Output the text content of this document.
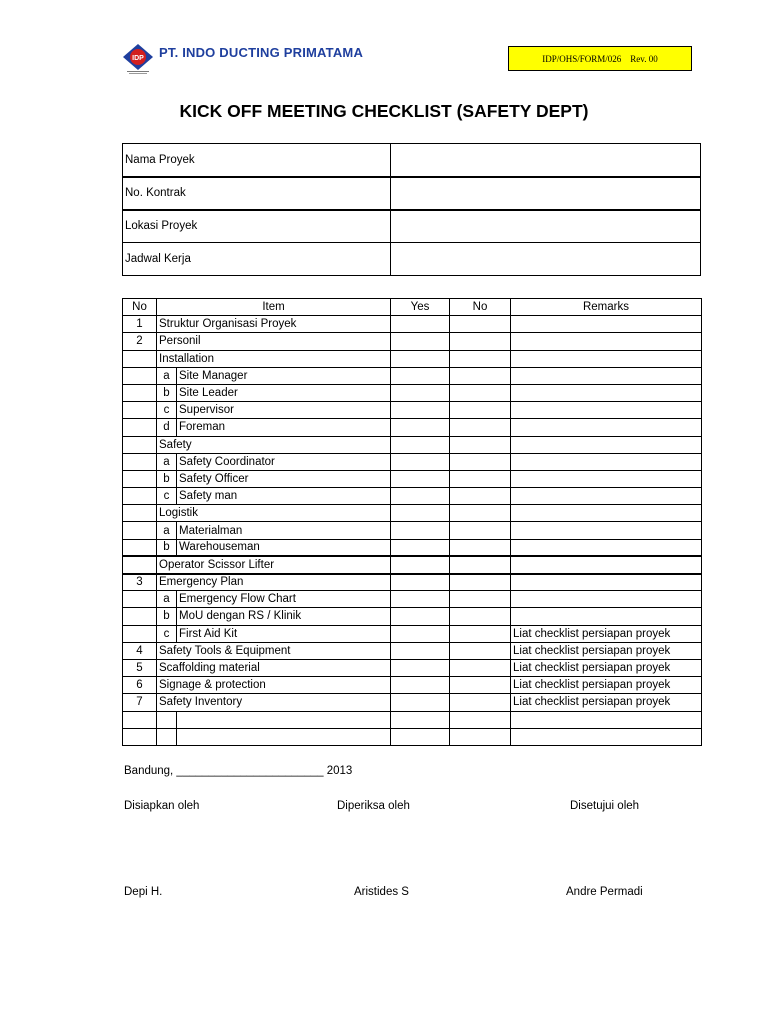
IDP PT. INDO DUCTING PRIMATAMA	IDP/OHS/FORM/026    Rev. 00
KICK OFF MEETING CHECKLIST (SAFETY DEPT)
Nama Proyek	
No. Kontrak	
Lokasi Proyek	
Jadwal Kerja	
No	Item		Yes	No	Remarks
1	Struktur Organisasi Proyek				
2	Personil				
	Installation				
	a	Site Manager			
	b	Site Leader			
	c	Supervisor			
	d	Foreman			
	Safety				
	a	Safety Coordinator			
	b	Safety Officer			
	c	Safety man			
	Logistik				
	a	Materialman			
	b	Warehouseman			
	Operator Scissor Lifter				
3	Emergency Plan				
	a	Emergency Flow Chart			
	b	MoU dengan RS / Klinik			
	c	First Aid Kit			Liat checklist persiapan proyek
4	Safety Tools & Equipment				Liat checklist persiapan proyek
5	Scaffolding material				Liat checklist persiapan proyek
6	Signage & protection				Liat checklist persiapan proyek
7	Safety Inventory				Liat checklist persiapan proyek

Bandung, _______________________ 2013
Disiapkan oleh	Diperiksa oleh	Disetujui oleh
Depi H.	Aristides S	Andre Permadi
